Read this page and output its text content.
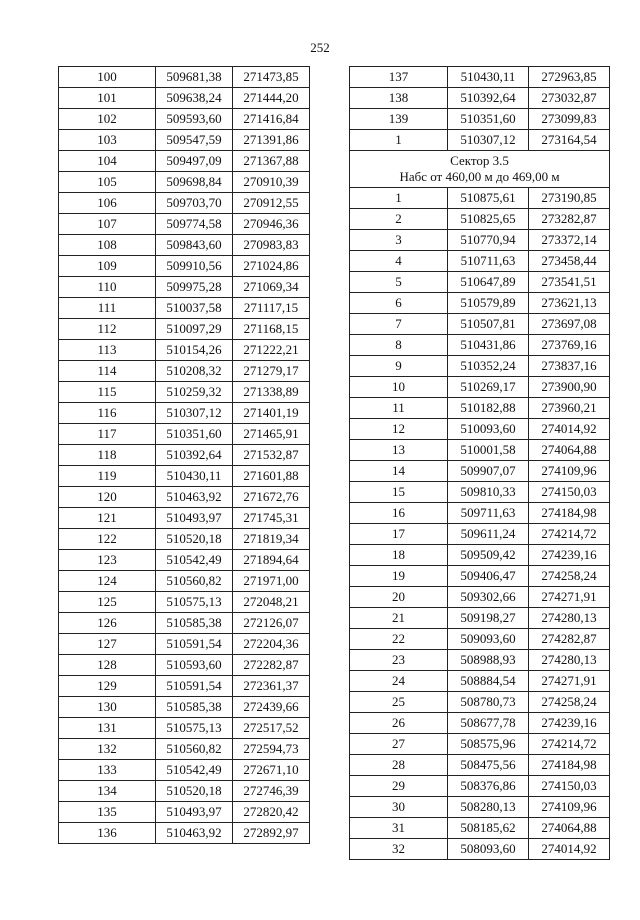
252
100	509681,38	271473,85
101	509638,24	271444,20
102	509593,60	271416,84
103	509547,59	271391,86
104	509497,09	271367,88
105	509698,84	270910,39
106	509703,70	270912,55
107	509774,58	270946,36
108	509843,60	270983,83
109	509910,56	271024,86
110	509975,28	271069,34
111	510037,58	271117,15
112	510097,29	271168,15
113	510154,26	271222,21
114	510208,32	271279,17
115	510259,32	271338,89
116	510307,12	271401,19
117	510351,60	271465,91
118	510392,64	271532,87
119	510430,11	271601,88
120	510463,92	271672,76
121	510493,97	271745,31
122	510520,18	271819,34
123	510542,49	271894,64
124	510560,82	271971,00
125	510575,13	272048,21
126	510585,38	272126,07
127	510591,54	272204,36
128	510593,60	272282,87
129	510591,54	272361,37
130	510585,38	272439,66
131	510575,13	272517,52
132	510560,82	272594,73
133	510542,49	272671,10
134	510520,18	272746,39
135	510493,97	272820,42
136	510463,92	272892,97
137	510430,11	272963,85
138	510392,64	273032,87
139	510351,60	273099,83
1	510307,12	273164,54

Сектор 3.5
Набс от 460,00 м до 469,00 м		

1	510875,61	273190,85
2	510825,65	273282,87
3	510770,94	273372,14
4	510711,63	273458,44
5	510647,89	273541,51
6	510579,89	273621,13
7	510507,81	273697,08
8	510431,86	273769,16
9	510352,24	273837,16
10	510269,17	273900,90
11	510182,88	273960,21
12	510093,60	274014,92
13	510001,58	274064,88
14	509907,07	274109,96
15	509810,33	274150,03
16	509711,63	274184,98
17	509611,24	274214,72
18	509509,42	274239,16
19	509406,47	274258,24
20	509302,66	274271,91
21	509198,27	274280,13
22	509093,60	274282,87
23	508988,93	274280,13
24	508884,54	274271,91
25	508780,73	274258,24
26	508677,78	274239,16
27	508575,96	274214,72
28	508475,56	274184,98
29	508376,86	274150,03
30	508280,13	274109,96
31	508185,62	274064,88
32	508093,60	274014,92
